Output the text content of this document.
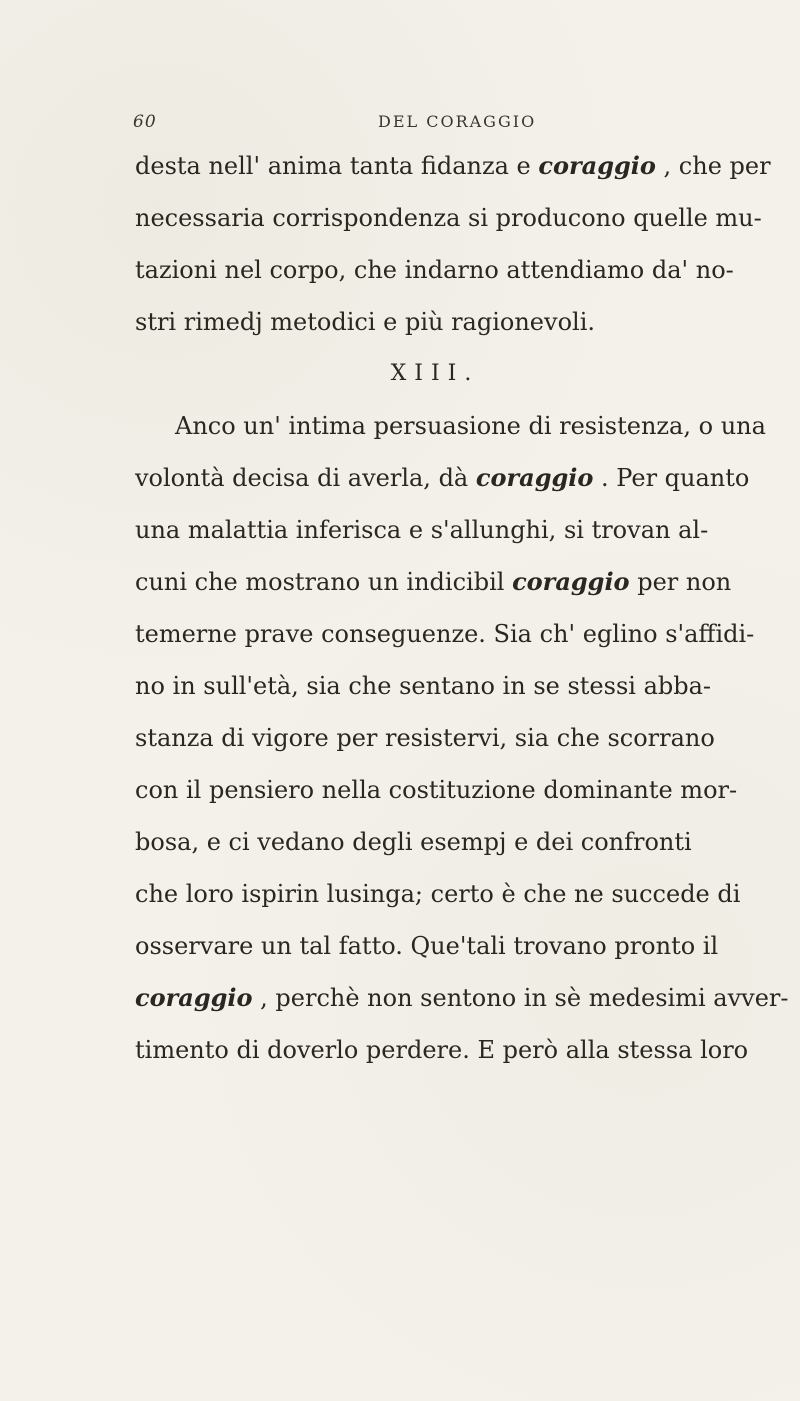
60	DEL CORAGGIO
desta nell' anima tanta fidanza e coraggio , che per
necessaria corrispondenza si producono quelle mu-
tazioni nel corpo, che indarno attendiamo da' no-
stri rimedj metodici e più ragionevoli.
XIII.
Anco un' intima persuasione di resistenza, o una
volontà decisa di averla, dà coraggio . Per quanto
una malattia inferisca e s'allunghi, si trovan al-
cuni che mostrano un indicibil coraggio per non
temerne prave conseguenze. Sia ch' eglino s'affidi-
no in sull'età, sia che sentano in se stessi abba-
stanza di vigore per resistervi, sia che scorrano
con il pensiero nella costituzione dominante mor-
bosa, e ci vedano degli esempj e dei confronti
che loro ispirin lusinga; certo è che ne succede di
osservare un tal fatto. Que'tali trovano pronto il
coraggio , perchè non sentono in sè medesimi avver-
timento di doverlo perdere. E però alla stessa loro
